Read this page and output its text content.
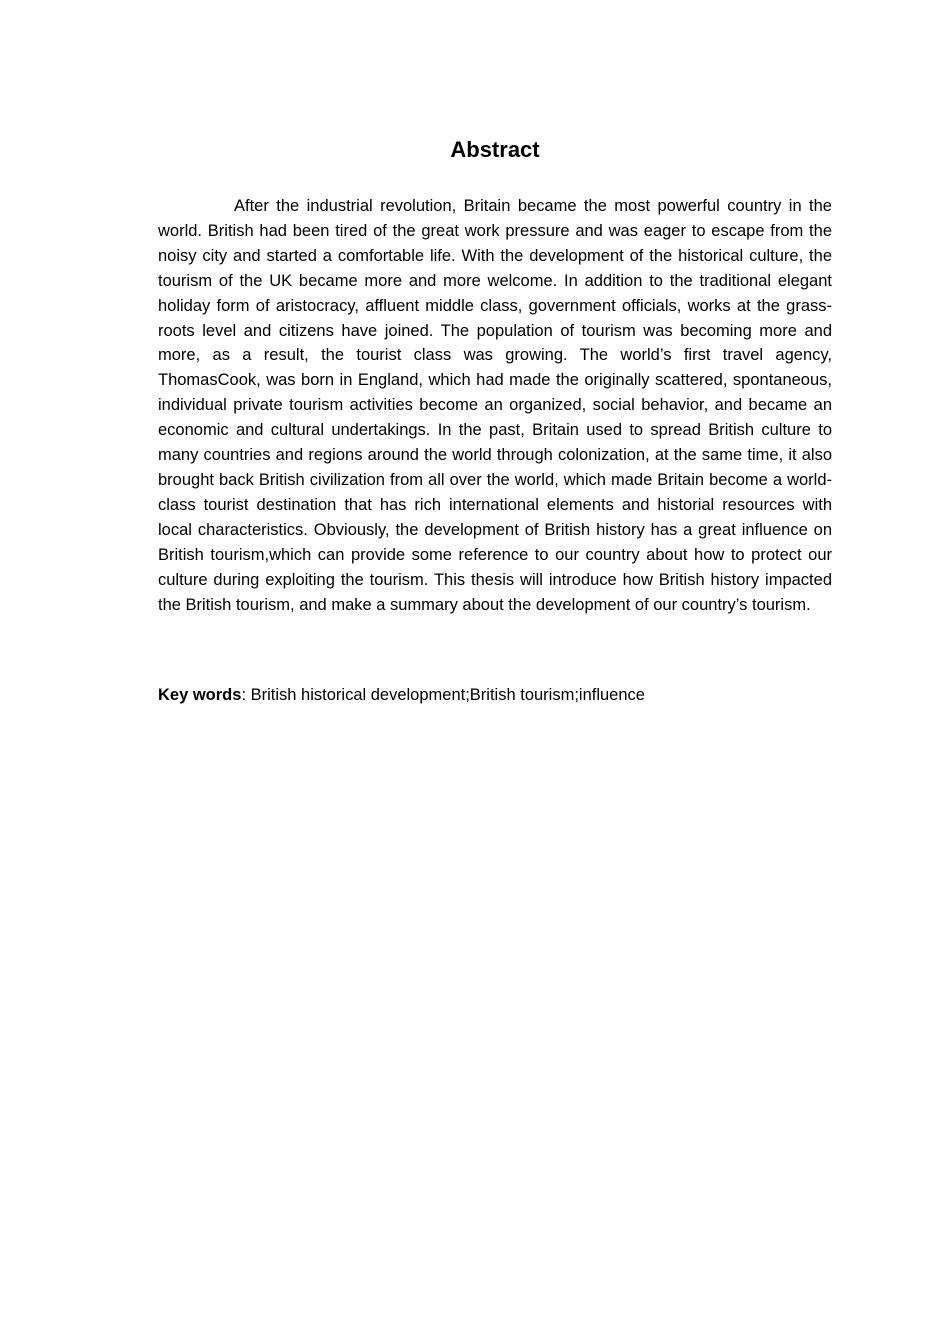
Abstract

After the industrial revolution, Britain became the most powerful country in the world. British had been tired of the great work pressure and was eager to escape from the noisy city and started a comfortable life. With the development of the historical culture, the tourism of the UK became more and more welcome. In addition to the traditional elegant holiday form of aristocracy, affluent middle class, government officials, works at the grass-roots level and citizens have joined. The population of tourism was becoming more and more, as a result, the tourist class was growing. The world’s first travel agency, ThomasCook, was born in England, which had made the originally scattered, spontaneous, individual private tourism activities become an organized, social behavior, and became an economic and cultural undertakings. In the past, Britain used to spread British culture to many countries and regions around the world through colonization, at the same time, it also brought back British civilization from all over the world, which made Britain become a world-class tourist destination that has rich international elements and historial resources with local characteristics. Obviously, the development of British history has a great influence on British tourism,which can provide some reference to our country about how to protect our culture during exploiting the tourism. This thesis will introduce how British history impacted the British tourism, and make a summary about the development of our country’s tourism.

Key words: British historical development;British tourism;influence
